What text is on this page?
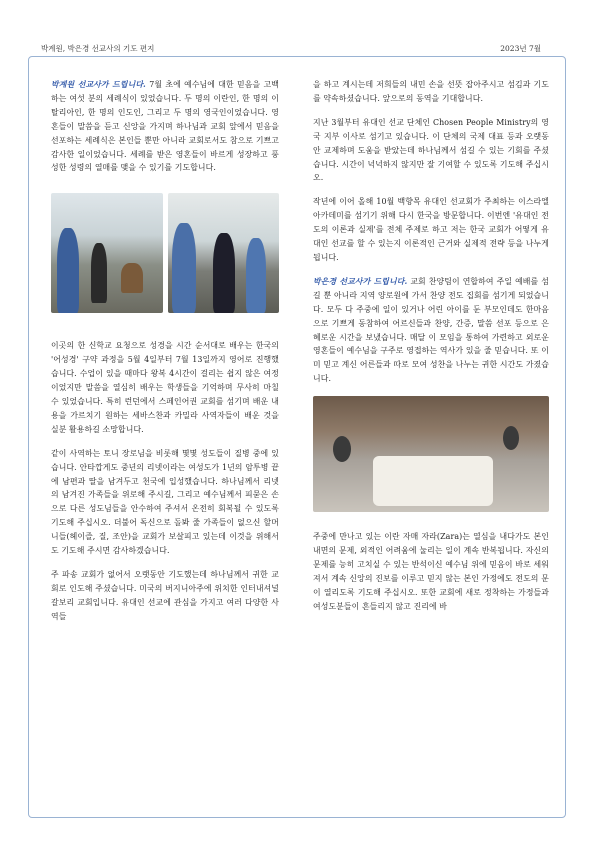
박계원, 박은경 선교사의 기도 편지	2023년 7월

박계원 선교사가 드립니다. 7월 초에 예수님에 대한 믿음을 고백하는 여섯 분의 세례식이 있었습니다. 두 명의 이란인, 한 명의 이탈리아인, 한 명의 인도인, 그리고 두 명의 영국인이었습니다. 영혼들이 말씀을 듣고 신앙을 가지며 하나님과 교회 앞에서 믿음을 선포하는 세례식은 본인들 뿐만 아니라 교회로서도 참으로 기쁘고 감사한 일이었습니다. 세례를 받은 영혼들이 바르게 성장하고 풍성한 성령의 열매를 맺을 수 있기를 기도합니다.

이곳의 한 신학교 요청으로 성경을 시간 순서대로 배우는 한국의 '어성경' 구약 과정을 5월 4일부터 7월 13일까지 영어로 진행했습니다. 수업이 있을 때마다 왕복 4시간이 걸리는 쉽지 않은 여정이었지만 말씀을 열심히 배우는 학생들을 기억하며 무사히 마칠 수 있었습니다. 특히 런던에서 스페인어권 교회를 섬기며 배운 내용을 가르치기 원하는 세바스찬과 카밀라 사역자들이 배운 것을 실분 활용하길 소망합니다.

같이 사역하는 토니 장로님을 비롯해 몇몇 성도들이 질병 중에 있습니다. 안타깝게도 중년의 리넷이라는 여성도가 1년의 암투병 끝에 남편과 딸을 남겨두고 천국에 입성했습니다. 하나님께서 리넷의 남겨진 가족들을 위로해 주시길, 그리고 예수님께서 피묻은 손으로 다른 성도님들을 안수하여 주셔서 온전히 회복될 수 있도록 기도해 주십시오. 더불어 독신으로 돌봐 줄 가족들이 없으신 할머니들(헤이즐, 질, 조안)을 교회가 보살피고 있는데 이것을 위해서도 기도해 주시면 감사하겠습니다.

주 파송 교회가 없어서 오랫동안 기도했는데 하나님께서 귀한 교회로 인도해 주셨습니다. 미국의 버지니아주에 위치한 인터내셔널 갈보리 교회입니다. 유대인 선교에 관심을 가지고 여러 다양한 사역들

을 하고 계시는데 저희들의 내민 손을 선뜻 잡아주시고 섬김과 기도를 약속하셨습니다. 앞으로의 동역을 기대합니다.

지난 3월부터 유대인 선교 단체인 Chosen People Ministry의 영국 지부 이사로 섬기고 있습니다. 이 단체의 국제 대표 등과 오랫동안 교제하며 도움을 받았는데 하나님께서 섬길 수 있는 기회를 주셨습니다. 시간이 넉넉하지 않지만 잘 기여할 수 있도록 기도해 주십시오.

작년에 이어 올해 10월 백향목 유대인 선교회가 주최하는 이스라엘 아카데미를 섬기기 위해 다시 한국을 방문합니다. 이번엔 '유대인 전도의 이론과 실제'를 전체 주제로 하고 저는 한국 교회가 어떻게 유대인 선교를 할 수 있는지 이론적인 근거와 실제적 전략 등을 나누게 됩니다.

박은경 선교사가 드립니다. 교회 찬양팀이 연합하여 주일 예배를 섬길 뿐 아니라 지역 양로원에 가서 찬양 전도 집회를 섬기게 되었습니다. 모두 다 주중에 일이 있거나 어린 아이를 둔 부모인데도 한마음으로 기쁘게 동참하여 어르신들과 찬양, 간증, 말씀 선포 등으로 은혜로운 시간을 보냈습니다. 매달 이 모임을 통하여 가련하고 외로운 영혼들이 예수님을 구주로 영접하는 역사가 있을 줄 믿습니다. 또 이미 믿고 계신 어른들과 따로 모여 성찬을 나누는 귀한 시간도 가졌습니다.

주중에 만나고 있는 이란 자매 자라(Zara)는 열심을 내다가도 본인 내면의 문제, 외적인 어려움에 눌리는 일이 계속 반복됩니다. 자신의 문제를 능히 고치실 수 있는 반석이신 예수님 위에 믿음이 바로 세워져서 계속 신앙의 진보를 이루고 믿지 않는 본인 가정에도 전도의 문이 열리도록 기도해 주십시오. 또한 교회에 새로 정착하는 가정들과 여성도분들이 흔들리지 않고 진리에 바
